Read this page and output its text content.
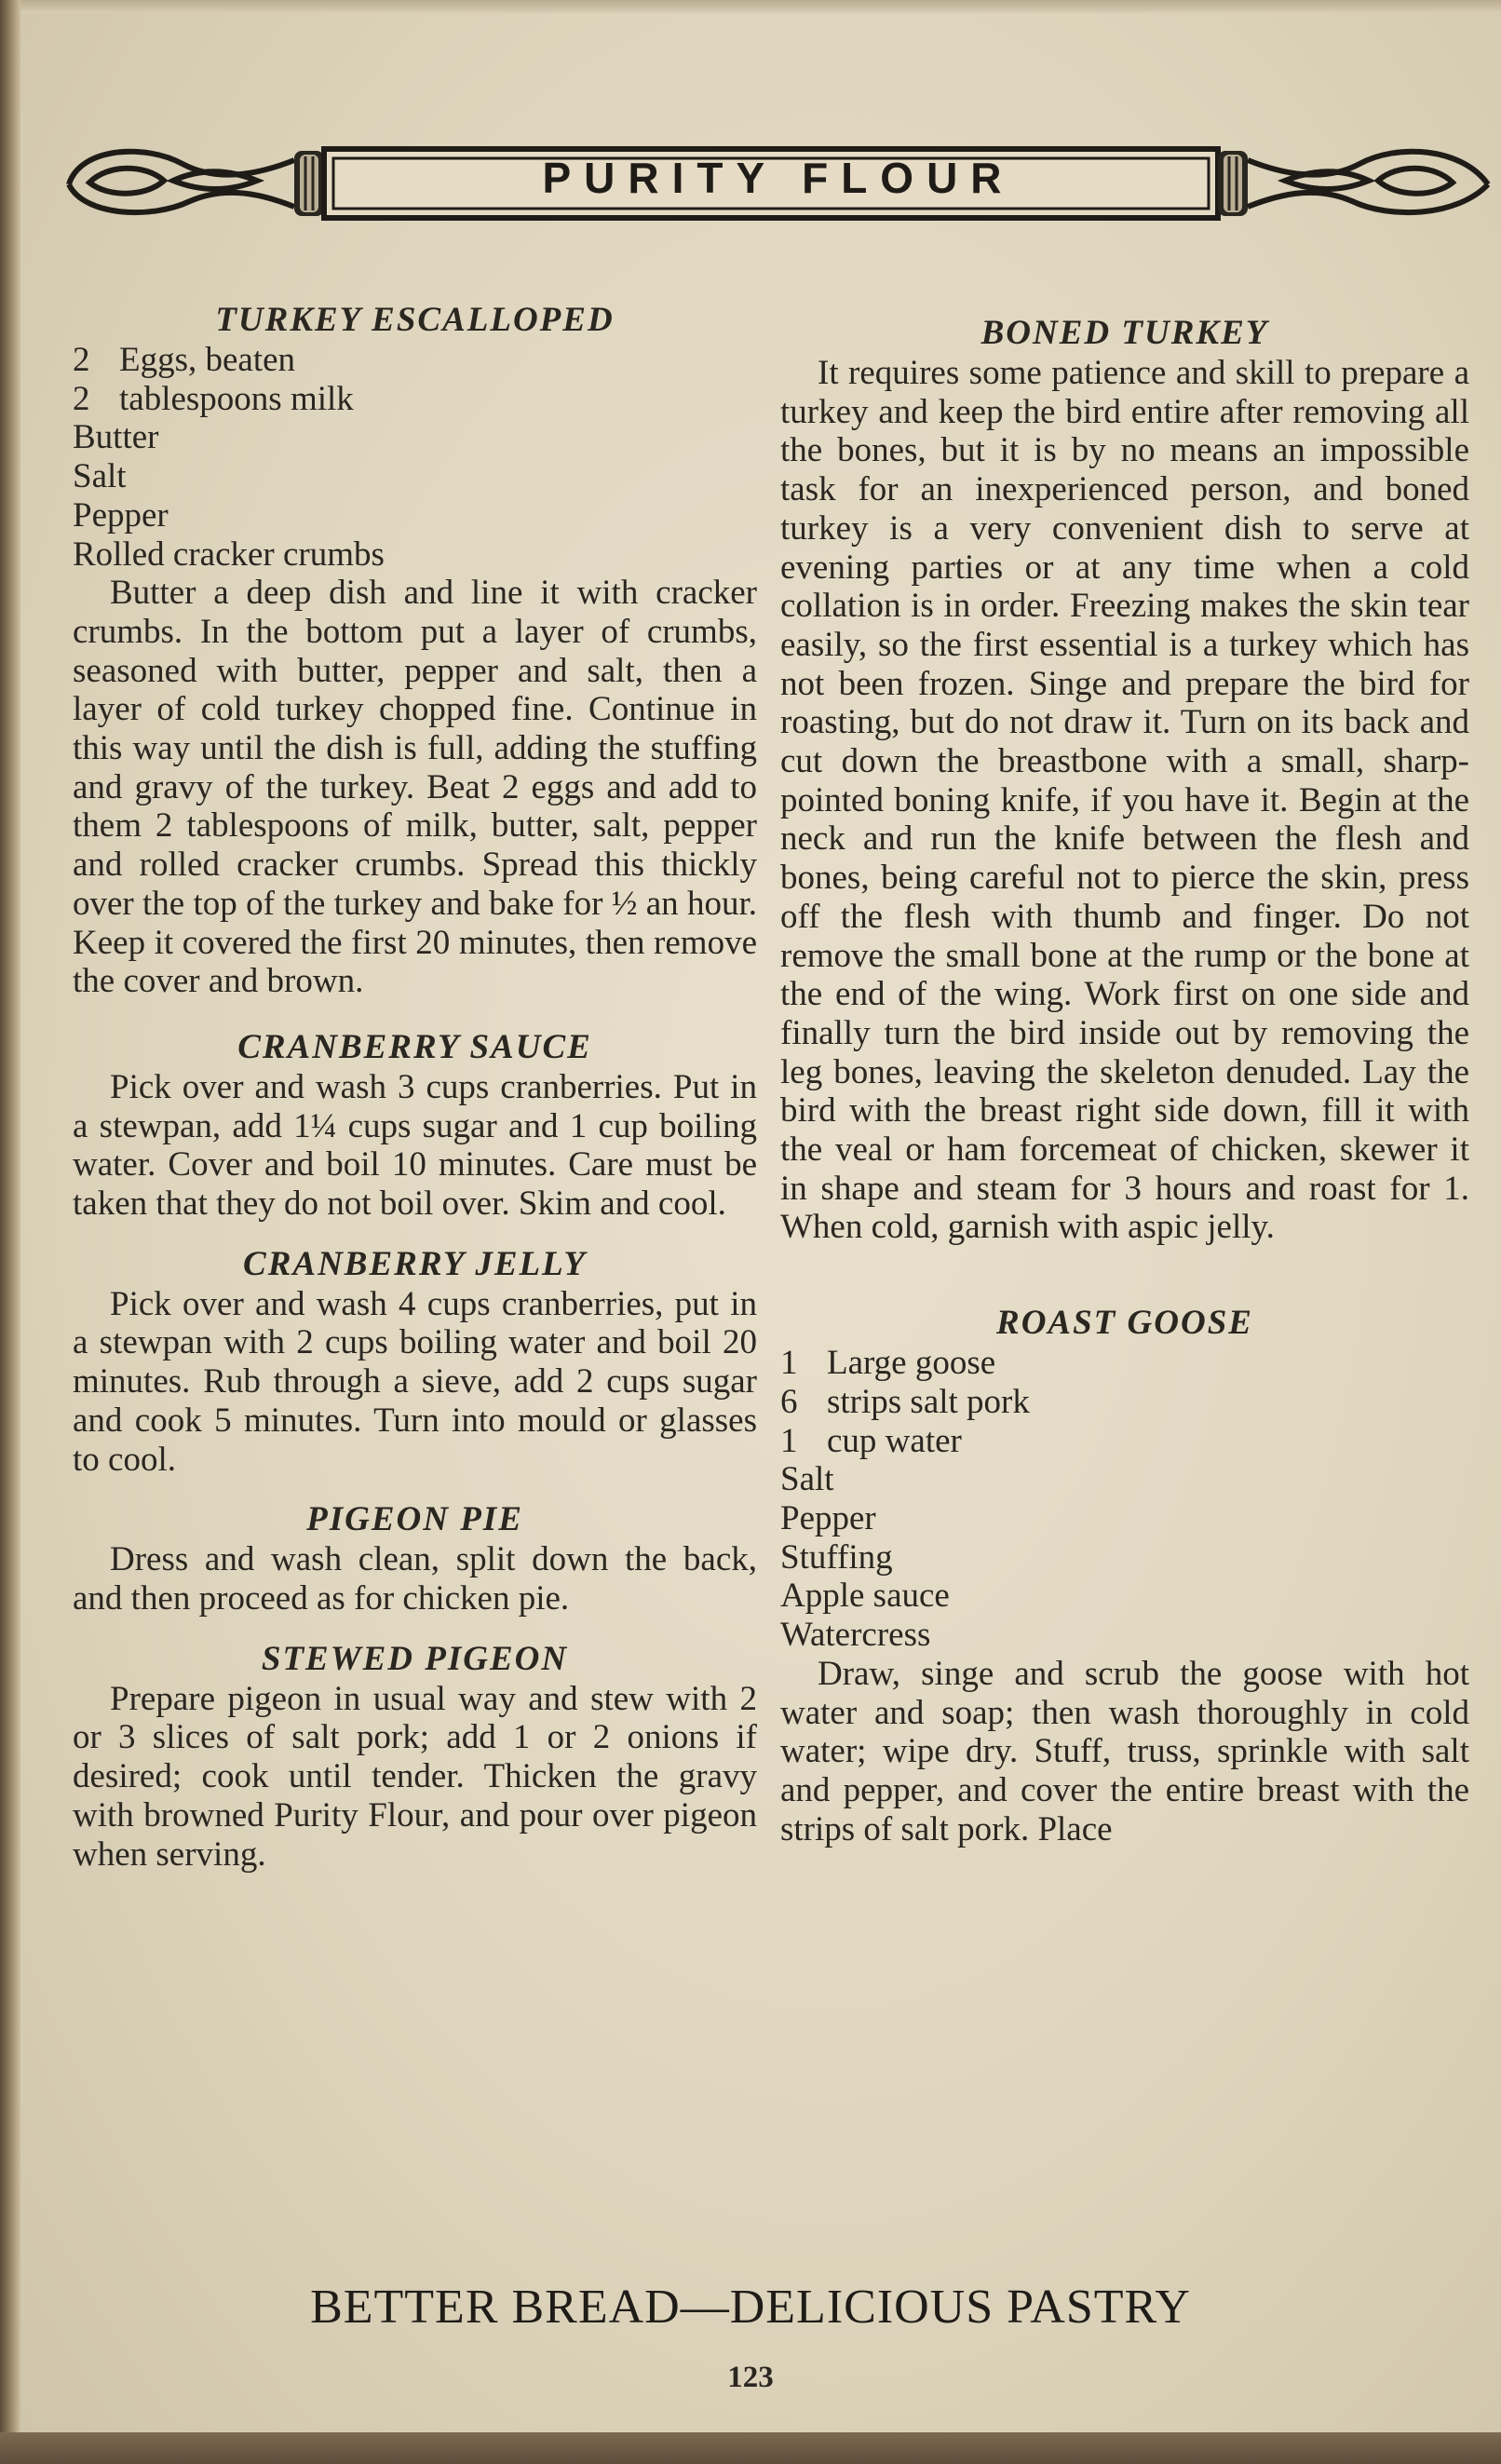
PURITY FLOUR
TURKEY ESCALLOPED
2 Eggs, beaten
2 tablespoons milk
Butter
Salt
Pepper
Rolled cracker crumbs

Butter a deep dish and line it with cracker crumbs. In the bottom put a layer of crumbs, seasoned with butter, pepper and salt, then a layer of cold turkey chopped fine. Continue in this way until the dish is full, adding the stuffing and gravy of the turkey. Beat 2 eggs and add to them 2 tablespoons of milk, butter, salt, pepper and rolled cracker crumbs. Spread this thickly over the top of the turkey and bake for ½ an hour. Keep it covered the first 20 minutes, then remove the cover and brown.

CRANBERRY SAUCE

Pick over and wash 3 cups cranberries. Put in a stewpan, add 1¼ cups sugar and 1 cup boiling water. Cover and boil 10 minutes. Care must be taken that they do not boil over. Skim and cool.

CRANBERRY JELLY

Pick over and wash 4 cups cranberries, put in a stewpan with 2 cups boiling water and boil 20 minutes. Rub through a sieve, add 2 cups sugar and cook 5 minutes. Turn into mould or glasses to cool.

PIGEON PIE

Dress and wash clean, split down the back, and then proceed as for chicken pie.

STEWED PIGEON

Prepare pigeon in usual way and stew with 2 or 3 slices of salt pork; add 1 or 2 onions if desired; cook until tender. Thicken the gravy with browned Purity Flour, and pour over pigeon when serving.

BONED TURKEY

It requires some patience and skill to prepare a turkey and keep the bird entire after removing all the bones, but it is by no means an impossible task for an inexperienced person, and boned turkey is a very convenient dish to serve at evening parties or at any time when a cold collation is in order. Freezing makes the skin tear easily, so the first essential is a turkey which has not been frozen. Singe and prepare the bird for roasting, but do not draw it. Turn on its back and cut down the breastbone with a small, sharp-pointed boning knife, if you have it. Begin at the neck and run the knife between the flesh and bones, being careful not to pierce the skin, press off the flesh with thumb and finger. Do not remove the small bone at the rump or the bone at the end of the wing. Work first on one side and finally turn the bird inside out by removing the leg bones, leaving the skeleton denuded. Lay the bird with the breast right side down, fill it with the veal or ham forcemeat of chicken, skewer it in shape and steam for 3 hours and roast for 1. When cold, garnish with aspic jelly.

ROAST GOOSE
1 Large goose
6 strips salt pork
1 cup water
Salt
Pepper
Stuffing
Apple sauce
Watercress

Draw, singe and scrub the goose with hot water and soap; then wash thoroughly in cold water; wipe dry. Stuff, truss, sprinkle with salt and pepper, and cover the entire breast with the strips of salt pork. Place

BETTER BREAD—DELICIOUS PASTRY
123
